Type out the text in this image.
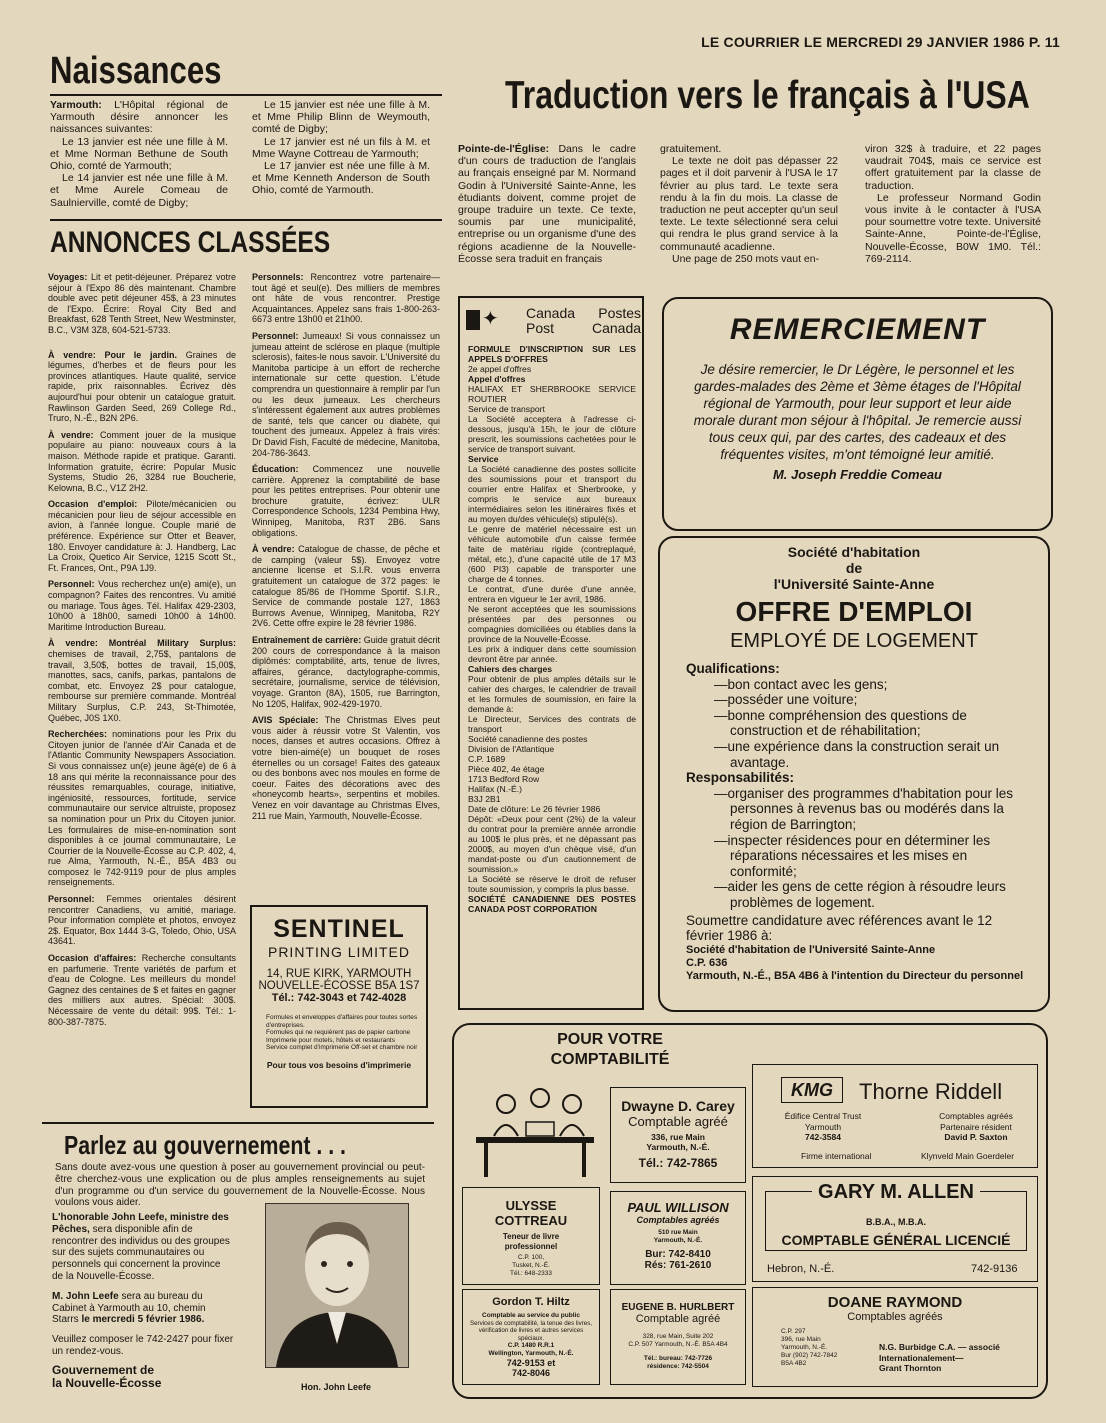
LE COURRIER LE MERCREDI 29 JANVIER 1986 P. 11
Naissances
Yarmouth: L'Hôpital régional de Yarmouth désire annoncer les naissances suivantes:
Le 13 janvier est née une fille à M. et Mme Norman Bethune de South Ohio, comté de Yarmouth;
Le 14 janvier est née une fille à M. et Mme Aurele Comeau de Saulnierville, comté de Digby;
Le 15 janvier est née une fille à M. et Mme Philip Blinn de Weymouth, comté de Digby;
Le 17 janvier est né un fils à M. et Mme Wayne Cottreau de Yarmouth;
Le 17 janvier est née une fille à M. et Mme Kenneth Anderson de South Ohio, comté de Yarmouth.
Traduction vers le français à l'USA
Pointe-de-l'Église: Dans le cadre d'un cours de traduction de l'anglais au français enseigné par M. Normand Godin à l'Université Sainte-Anne, les étudiants doivent, comme projet de groupe traduire un texte. Ce texte, soumis par une municipalité, entreprise ou un organisme d'une des régions acadienne de la Nouvelle-Écosse sera traduit en français
gratuitement.
Le texte ne doit pas dépasser 22 pages et il doit parvenir à l'USA le 17 février au plus tard. Le texte sera rendu à la fin du mois. La classe de traduction ne peut accepter qu'un seul texte. Le texte sélectionné sera celui qui rendra le plus grand service à la communauté acadienne.
Une page de 250 mots vaut en-
viron 32$ à traduire, et 22 pages vaudrait 704$, mais ce service est offert gratuitement par la classe de traduction.
Le professeur Normand Godin vous invite à le contacter à l'USA pour soumettre votre texte. Université Sainte-Anne, Pointe-de-l'Église, Nouvelle-Écosse, B0W 1M0. Tél.: 769-2114.
ANNONCES CLASSÉES

Voyages: Lit et petit-déjeuner. Préparez votre séjour à l'Expo 86 dès maintenant. Chambre double avec petit déjeuner 45$, à 23 minutes de l'Expo. Écrire: Royal City Bed and Breakfast, 628 Tenth Street, New Westminster, B.C., V3M 3Z8, 604-521-5733.

À vendre: Pour le jardin. Graines de légumes, d'herbes et de fleurs pour les provinces atlantiques. Haute qualité, service rapide, prix raisonnables. Écrivez dès aujourd'hui pour obtenir un catalogue gratuit. Rawlinson Garden Seed, 269 College Rd., Truro, N.-É., B2N 2P6.

À vendre: Comment jouer de la musique populaire au piano: nouveaux cours à la maison. Méthode rapide et pratique. Garanti. Information gratuite, écrire: Popular Music Systems, Studio 26, 3284 rue Boucherie, Kelowna, B.C., V1Z 2H2.

Occasion d'emploi: Pilote/mécanicien ou mécanicien pour lieu de séjour accessible en avion, à l'année longue. Couple marié de préférence. Expérience sur Otter et Beaver, 180. Envoyer candidature à: J. Handberg, Lac La Croix, Quetico Air Service, 1215 Scott St., Ft. Frances, Ont., P9A 1J9.

Personnel: Vous recherchez un(e) ami(e), un compagnon? Faites des rencontres. Vu amitié ou mariage. Tous âges. Tél. Halifax 429-2303, 10h00 à 18h00, samedi 10h00 à 14h00. Maritime Introduction Bureau.

À vendre: Montréal Military Surplus: chemises de travail, 2,75$, pantalons de travail, 3,50$, bottes de travail, 15,00$, manottes, sacs, canifs, parkas, pantalons de combat, etc. Envoyez 2$ pour catalogue, rembourse sur première commande. Montréal Military Surplus, C.P. 243, St-Thimotée, Québec, J0S 1X0.

Recherchées: nominations pour les Prix du Citoyen junior de l'année d'Air Canada et de l'Atlantic Community Newspapers Association. Si vous connaissez un(e) jeune âgé(e) de 6 à 18 ans qui mérite la reconnaissance pour des réussites remarquables, courage, initiative, ingéniosité, ressources, fortitude, service communautaire our service altruiste, proposez sa nomination pour un Prix du Citoyen junior. Les formulaires de mise-en-nomination sont disponibles à ce journal communautaire, Le Courrier de la Nouvelle-Écosse au C.P. 402, 4, rue Alma, Yarmouth, N.-É., B5A 4B3 ou composez le 742-9119 pour de plus amples renseignements.

Personnel: Femmes orientales désirent rencontrer Canadiens, vu amitié, mariage. Pour information complète et photos, envoyez 2$. Equator, Box 1444 3-G, Toledo, Ohio, USA 43641.

Occasion d'affaires: Recherche consultants en parfumerie. Trente variétés de parfum et d'eau de Cologne. Les meilleurs du monde! Gagnez des centaines de $ et faites en gagner des milliers aux autres. Spécial: 300$. Nécessaire de vente du détail: 99$. Tél.: 1-800-387-7875.

Personnels: Rencontrez votre partenaire—tout âgé et seul(e). Des milliers de membres ont hâte de vous rencontrer. Prestige Acquaintances. Appelez sans frais 1-800-263-6673 entre 13h00 et 21h00.

Personnel: Jumeaux! Si vous connaissez un jumeau atteint de sclérose en plaque (multiple sclerosis), faites-le nous savoir. L'Université du Manitoba participe à un effort de recherche internationale sur cette question. L'étude comprendra un questionnaire à remplir par l'un ou les deux jumeaux. Les chercheurs s'intéressent également aux autres problèmes de santé, tels que cancer ou diabète, qui touchent des jumeaux. Appelez à frais virés: Dr David Fish, Faculté de médecine, Manitoba, 204-786-3643.

Éducation: Commencez une nouvelle carrière. Apprenez la comptabilité de base pour les petites entreprises. Pour obtenir une brochure gratuite, écrivez: ULR Correspondence Schools, 1234 Pembina Hwy, Winnipeg, Manitoba, R3T 2B6. Sans obligations.

À vendre: Catalogue de chasse, de pêche et de camping (valeur 5$). Envoyez votre ancienne license et S.I.R. vous enverra gratuitement un catalogue de 372 pages: le catalogue 85/86 de l'Homme Sportif. S.I.R., Service de commande postale 127, 1863 Burrows Avenue, Winnipeg, Manitoba, R2Y 2V6. Cette offre expire le 28 février 1986.

Entraînement de carrière: Guide gratuit décrit 200 cours de correspondance à la maison diplômés: comptabilité, arts, tenue de livres, affaires, gérance, dactylographe-commis, secrétaire, journalisme, service de télévision, voyage. Granton (8A), 1505, rue Barrington, No 1205, Halifax, 902-429-1970.

AVIS Spéciale: The Christmas Elves peut vous aider à réussir votre St Valentin, vos noces, danses et autres occasions. Offrez à votre bien-aimé(e) un bouquet de roses éternelles ou un corsage! Faites des gateaux ou des bonbons avec nos moules en forme de coeur. Faites des décorations avec des «honeycomb hearts», serpentins et mobiles. Venez en voir davantage au Christmas Elves, 211 rue Main, Yarmouth, Nouvelle-Écosse.

SENTINEL
PRINTING LIMITED
14, RUE KIRK, YARMOUTH
NOUVELLE-ÉCOSSE B5A 1S7
Tél.: 742-3043 et 742-4028
Formules et enveloppes d'affaires pour toutes sortes d'entreprises.
Formules qui ne requièrent pas de papier carbone
Imprimerie pour motels, hôtels et restaurants
Service complet d'imprimerie Off-set et chambre noir
Pour tous vos besoins d'imprimerie
✦ Canada
Post
Postes
Canada
FORMULE D'INSCRIPTION SUR LES APPELS D'OFFRES
2e appel d'offres
Appel d'offres
HALIFAX ET SHERBROOKE SERVICE ROUTIER
Service de transport
La Société acceptera à l'adresse ci-dessous, jusqu'à 15h, le jour de clôture prescrit, les soumissions cachetées pour le service de transport suivant.
Service
La Société canadienne des postes sollicite des soumissions pour et transport du courrier entre Halifax et Sherbrooke, y compris le service aux bureaux intermédiaires selon les itinéraires fixés et au moyen du/des véhicule(s) stipulé(s).
Le genre de matériel nécessaire est un véhicule automobile d'un caisse fermée faite de matériau rigide (contreplaqué, métal, etc.), d'une capacité utile de 17 M3 (600 PI3) capable de transporter une charge de 4 tonnes.
Le contrat, d'une durée d'une année, entrera en vigueur le 1er avril, 1986.
Ne seront acceptées que les soumissions présentées par des personnes ou compagnies domiciliées ou établies dans la province de la Nouvelle-Écosse.
Les prix à indiquer dans cette soumission devront être par année.
Cahiers des charges
Pour obtenir de plus amples détails sur le cahier des charges, le calendrier de travail et les formules de soumission, en faire la demande à:
Le Directeur, Services des contrats de transport
Société canadienne des postes
Division de l'Atlantique
C.P. 1689
Pièce 402, 4e étage
1713 Bedford Row
Halifax (N.-É.)
B3J 2B1
Date de clôture: Le 26 février 1986
Dépôt: «Deux pour cent (2%) de la valeur du contrat pour la première année arrondie au 100$ le plus près, et ne dépassant pas 2000$, au moyen d'un chèque visé, d'un mandat-poste ou d'un cautionnement de soumission.»
La Société se réserve le droit de refuser toute soumission, y compris la plus basse.
SOCIÉTÉ CANADIENNE DES POSTES CANADA POST CORPORATION
REMERCIEMENT
Je désire remercier, le Dr Légère, le personnel et les gardes-malades des 2ème et 3ème étages de l'Hôpital régional de Yarmouth, pour leur support et leur aide morale durant mon séjour à l'hôpital. Je remercie aussi tous ceux qui, par des cartes, des cadeaux et des fréquentes visites, m'ont témoigné leur amitié.
M. Joseph Freddie Comeau
Société d'habitation
de
l'Université Sainte-Anne
OFFRE D'EMPLOI
EMPLOYÉ DE LOGEMENT
Qualifications:

—bon contact avec les gens;

—posséder une voiture;

—bonne compréhension des questions de construction et de réhabilitation;

—une expérience dans la construction serait un avantage.

Responsabilités:

—organiser des programmes d'habitation pour les personnes à revenus bas ou modérés dans la région de Barrington;

—inspecter résidences pour en déterminer les réparations nécessaires et les mises en conformité;

—aider les gens de cette région à résoudre leurs problèmes de logement.

Soumettre candidature avec références avant le 12 février 1986 à:
Société d'habitation de l'Université Sainte-Anne
C.P. 636
Yarmouth, N.-É., B5A 4B6 à l'intention du Directeur du personnel
Parlez au gouvernement . . .
Sans doute avez-vous une question à poser au gouvernement provincial ou peut-être cherchez-vous une explication ou de plus amples renseignements au sujet d'un programme ou d'un service du gouvernement de la Nouvelle-Écosse. Nous voulons vous aider.

L'honorable John Leefe, ministre des Pêches, sera disponible afin de rencontrer des individus ou des groupes sur des sujets communautaires ou personnels qui concernent la province de la Nouvelle-Écosse.

M. John Leefe sera au bureau du Cabinet à Yarmouth au 10, chemin Starrs le mercredi 5 février 1986.

Veuillez composer le 742-2427 pour fixer un rendez-vous.

Gouvernement de
la Nouvelle-Écosse	Hon. John Leefe
POUR VOTRE
COMPTABILITÉ
Dwayne D. Carey
Comptable agréé
336, rue Main
Yarmouth, N.-É.
Tél.: 742-7865
KMG	Thorne Riddell
Édifice Central Trust
Yarmouth
742-3584
Comptables agréés
Partenaire résident
David P. Saxton
Firme international	Klynveld Main Goerdeler
ULYSSE
COTTREAU
Teneur de livre professionnel
C.P. 100,
Tusket, N.-É.
Tél.: 648-2333
PAUL WILLISON
Comptables agréés
510 rue Main
Yarmouth, N.-É.
Bur: 742-8410
Rés: 761-2610
GARY M. ALLEN
B.B.A., M.B.A.
COMPTABLE GÉNÉRAL LICENCIÉ
Hebron, N.-É.	742-9136
Gordon T. Hiltz
Comptable au service du public
Services de comptabilité, la tenue des livres, vérification de livres et autres services spéciaux.
C.P. 1480 R.R.1
Wellington, Yarmouth, N.-É.
742-9153 et
742-8046
EUGENE B. HURLBERT
Comptable agréé
328, rue Main, Suite 202
C.P. 507 Yarmouth, N.-É. B5A 4B4
Tél.: bureau: 742-7726
résidence: 742-5504
DOANE RAYMOND
Comptables agréés
C.P. 297
396, rue Main
Yarmouth, N.-É.
Bur (902) 742-7842
B5A 4B2
N.G. Burbidge C.A. — associé
Internationalement—
Grant Thornton
